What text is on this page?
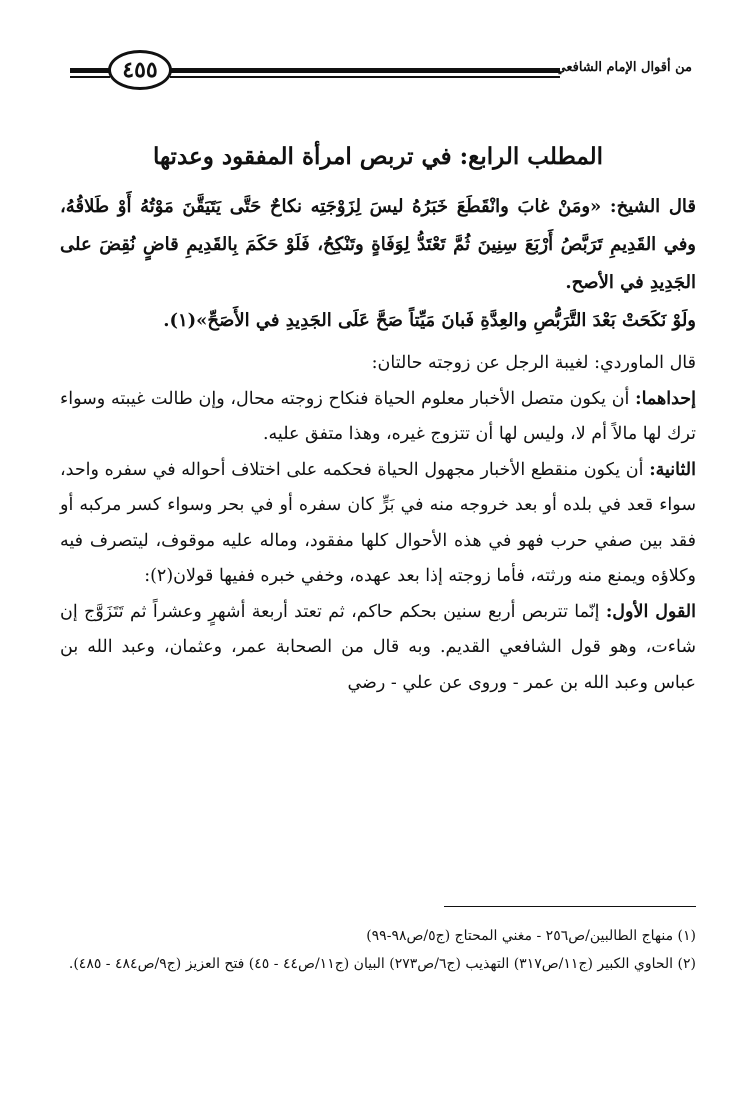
٤٥٥	من أقوال الإمام الشافعي
المطلب الرابع: في تربص امرأة المفقود وعدتها

قال الشيخ: «ومَنْ غابَ وانْقَطَعَ خَبَرُهُ ليسَ لِزَوْجَتِه نكاحٌ حَتَّى يَتَيَقَّنَ مَوْتُهُ أَوْ طَلاقُهُ، وفي القَدِيمِ تَرَبَّصُ أَرْبَعَ سِنِينَ ثُمَّ تَعْتَدُّ لِوَفَاةٍ وتَنْكِحُ، فَلَوْ حَكَمَ بِالقَدِيمِ قاضٍ نُقِضَ على الجَدِيدِ في الأصح.

ولَوْ نَكَحَتْ بَعْدَ التَّرَبُّصِ والعِدَّةِ فَبانَ مَيِّتاً صَحَّ عَلَى الجَدِيدِ في الأَصَحِّ»(١).

قال الماوردي: لغيبة الرجل عن زوجته حالتان:

إحداهما: أن يكون متصل الأخبار معلوم الحياة فنكاح زوجته محال، وإن طالت غيبته وسواء ترك لها مالاً أم لا، وليس لها أن تتزوج غيره، وهذا متفق عليه.

الثانية: أن يكون منقطع الأخبار مجهول الحياة فحكمه على اختلاف أحواله في سفره واحد، سواء قعد في بلده أو بعد خروجه منه في بَرٍّ كان سفره أو في بحر وسواء كسر مركبه أو فقد بين صفي حرب فهو في هذه الأحوال كلها مفقود، وماله عليه موقوف، ليتصرف فيه وكلاؤه ويمنع منه ورثته، فأما زوجته إذا بعد عهده، وخفي خبره ففيها قولان(٢):

القول الأول: إنّما تتربص أربع سنين بحكم حاكم، ثم تعتد أربعة أشهرٍ وعشراً ثم تَتَزَوَّج إن شاءت، وهو قول الشافعي القديم. وبه قال من الصحابة عمر، وعثمان، وعبد الله بن عباس وعبد الله بن عمر - وروى عن علي - رضي

(١) منهاج الطالبين/ص٢٥٦ - مغني المحتاج (ج٥/ص٩٨-٩٩)

(٢) الحاوي الكبير (ج١١/ص٣١٧) التهذيب (ج٦/ص٢٧٣) البيان (ج١١/ص٤٤ - ٤٥) فتح العزيز (ج٩/ص٤٨٤ - ٤٨٥).
